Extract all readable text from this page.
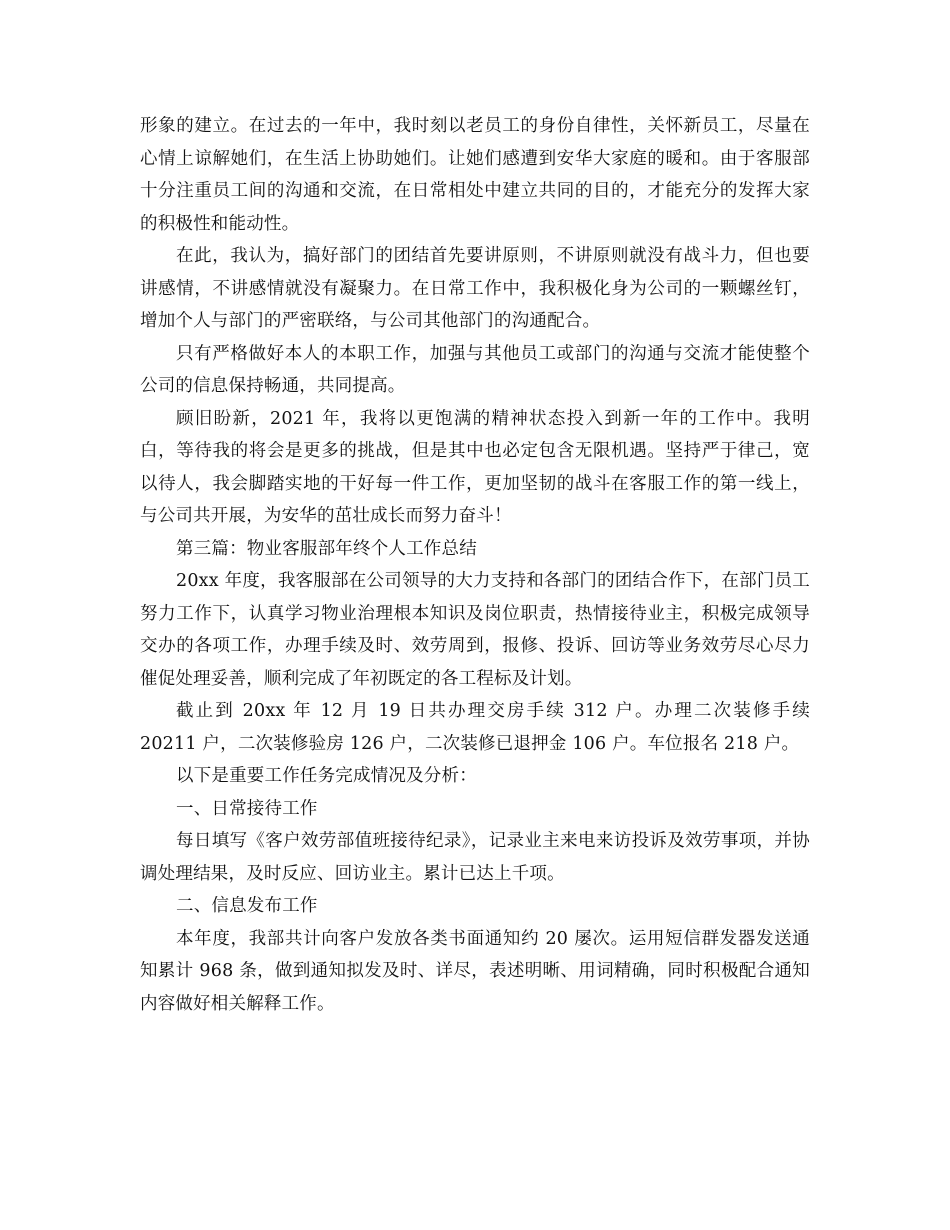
形象的建立。在过去的一年中，我时刻以老员工的身份自律性，关怀新员工，尽量在心情上谅解她们，在生活上协助她们。让她们感遭到安华大家庭的暖和。由于客服部十分注重员工间的沟通和交流，在日常相处中建立共同的目的，才能充分的发挥大家的积极性和能动性。

在此，我认为，搞好部门的团结首先要讲原则，不讲原则就没有战斗力，但也要讲感情，不讲感情就没有凝聚力。在日常工作中，我积极化身为公司的一颗螺丝钉，增加个人与部门的严密联络，与公司其他部门的沟通配合。

只有严格做好本人的本职工作，加强与其他员工或部门的沟通与交流才能使整个公司的信息保持畅通，共同提高。

顾旧盼新，2021 年，我将以更饱满的精神状态投入到新一年的工作中。我明白，等待我的将会是更多的挑战，但是其中也必定包含无限机遇。坚持严于律己，宽以待人，我会脚踏实地的干好每一件工作，更加坚韧的战斗在客服工作的第一线上，与公司共开展，为安华的茁壮成长而努力奋斗！

第三篇：物业客服部年终个人工作总结

20xx 年度，我客服部在公司领导的大力支持和各部门的团结合作下，在部门员工努力工作下，认真学习物业治理根本知识及岗位职责，热情接待业主，积极完成领导交办的各项工作，办理手续及时、效劳周到，报修、投诉、回访等业务效劳尽心尽力催促处理妥善，顺利完成了年初既定的各工程标及计划。

截止到 20xx 年 12 月 19 日共办理交房手续 312 户。办理二次装修手续 20211 户，二次装修验房 126 户，二次装修已退押金 106 户。车位报名 218 户。

以下是重要工作任务完成情况及分析：

一、日常接待工作

每日填写《客户效劳部值班接待纪录》，记录业主来电来访投诉及效劳事项，并协调处理结果，及时反应、回访业主。累计已达上千项。

二、信息发布工作

本年度，我部共计向客户发放各类书面通知约 20 屡次。运用短信群发器发送通知累计 968 条，做到通知拟发及时、详尽，表述明晰、用词精确，同时积极配合通知内容做好相关解释工作。
